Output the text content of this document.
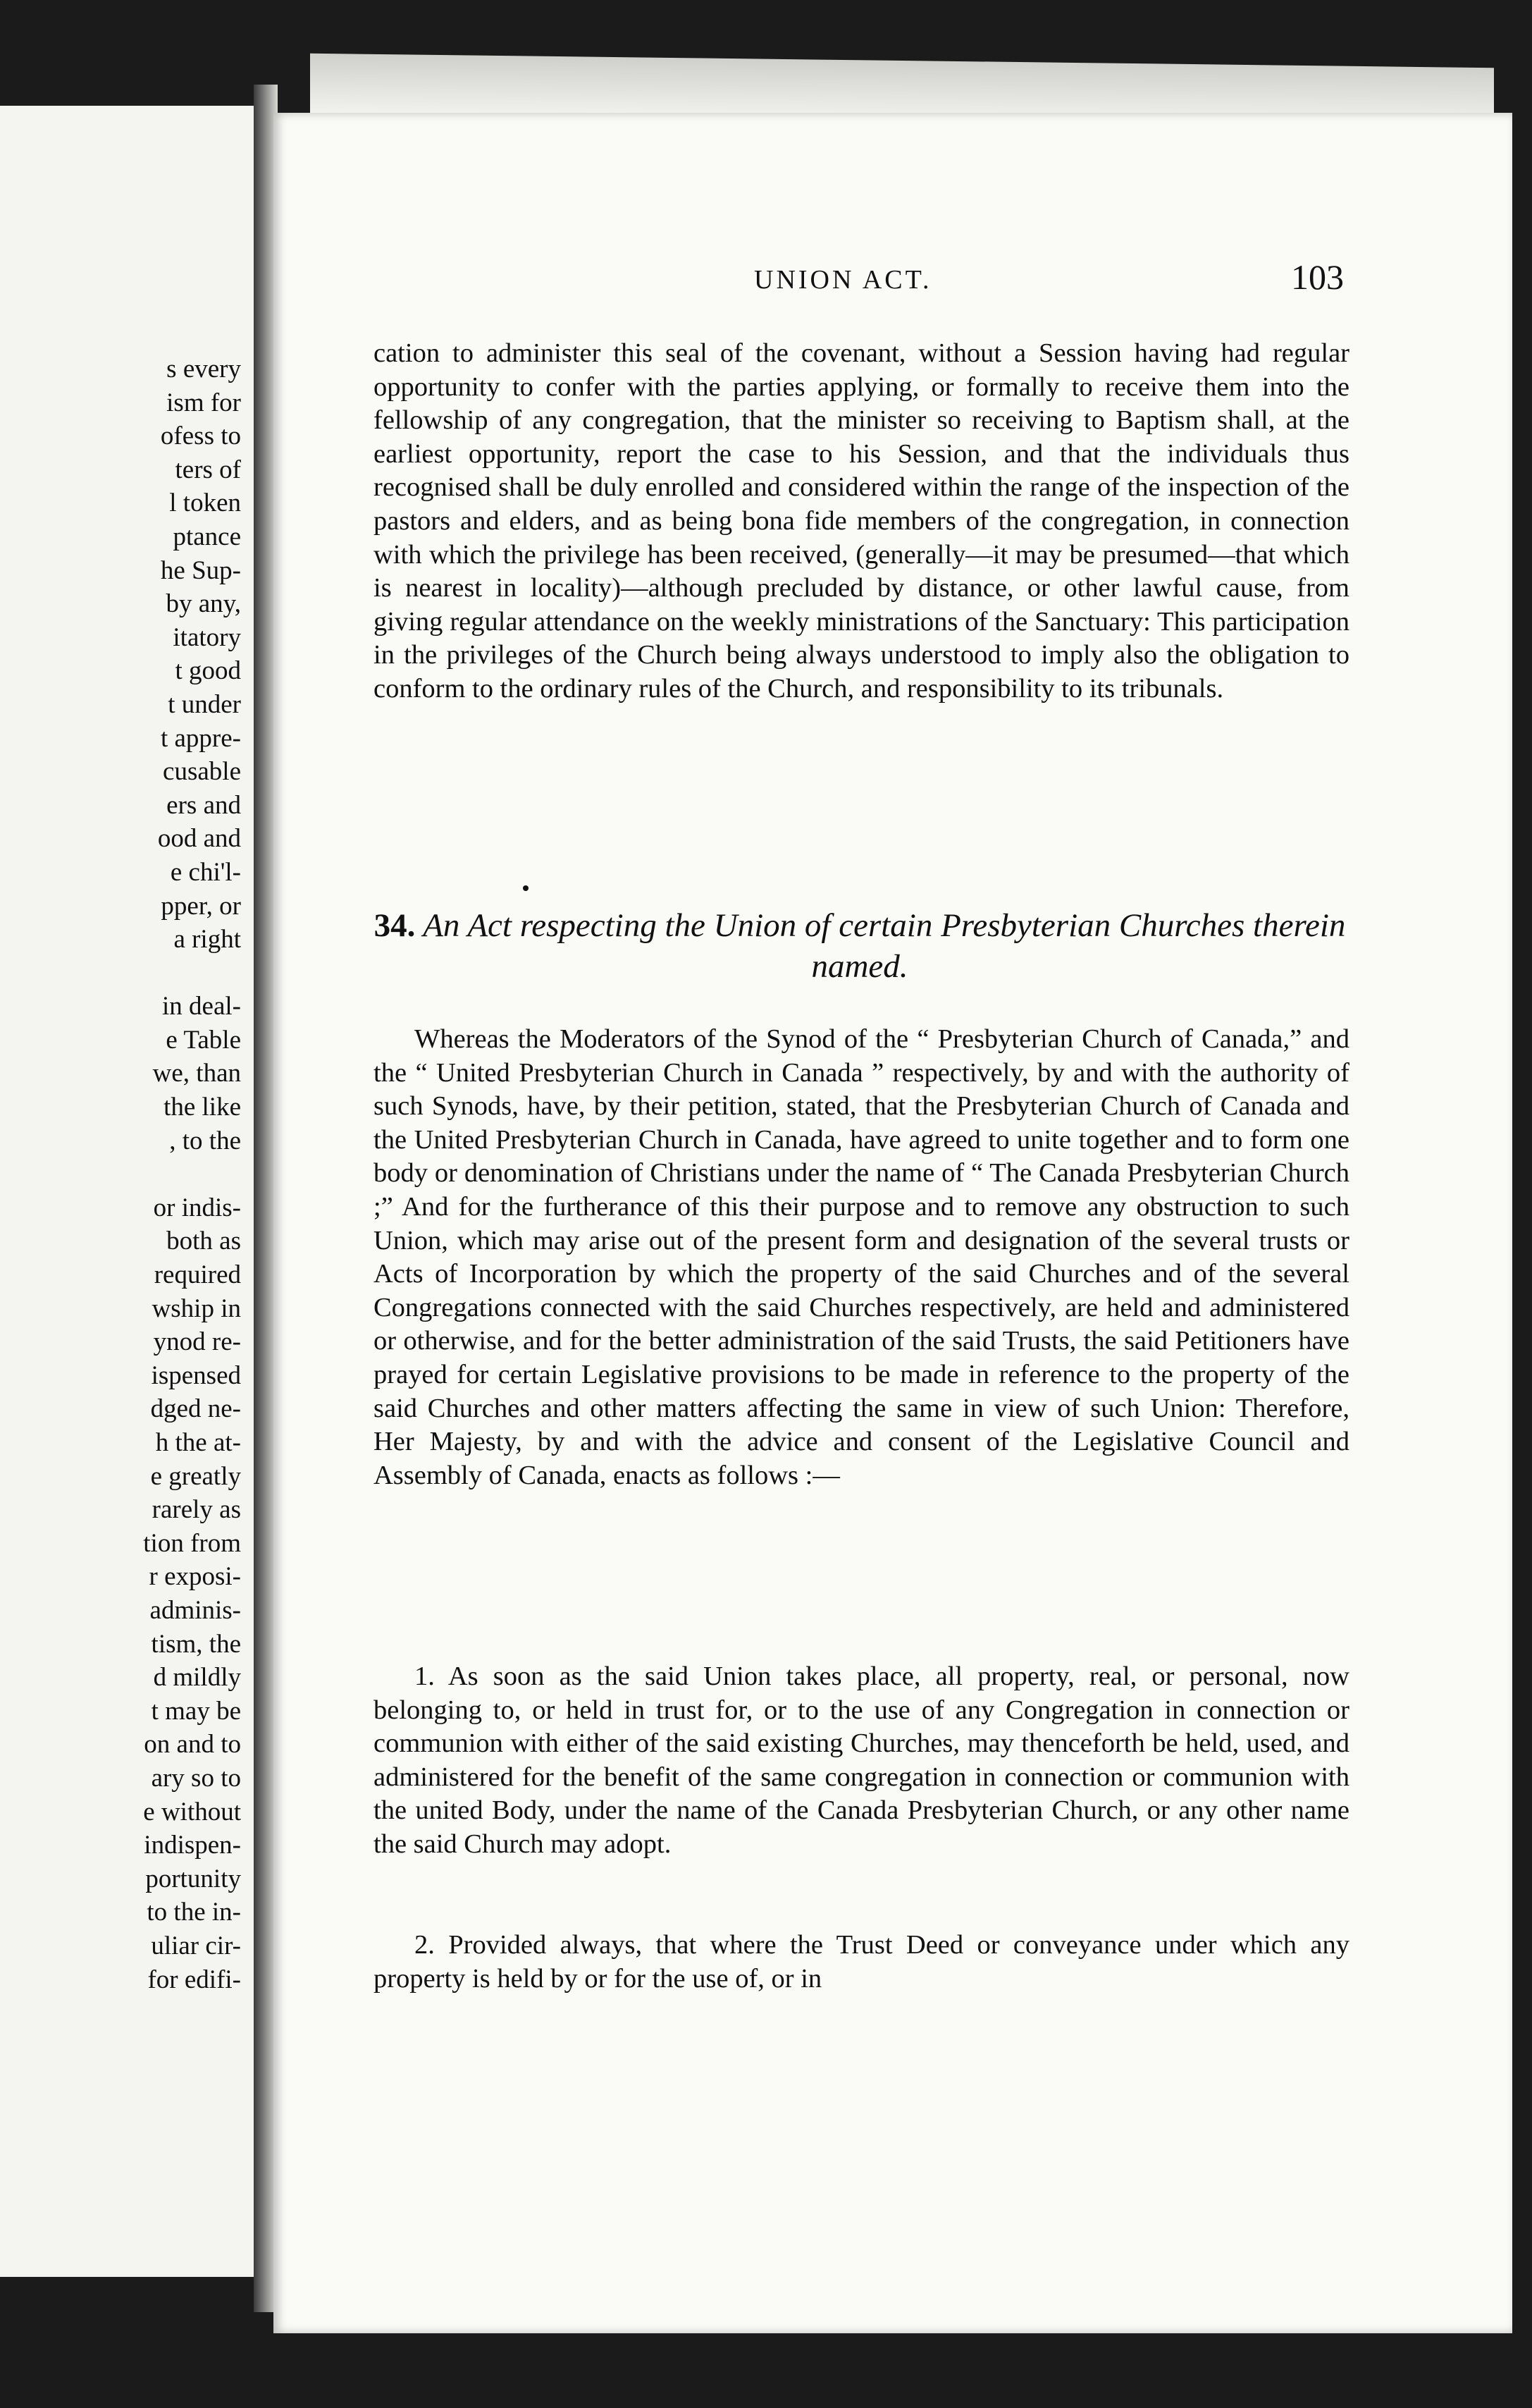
s every
ism for
ofess to
ters of
l token
ptance
he Sup-
by any,
itatory
t good
t under
t appre-
cusable
ers and
ood and
e chi'l-
pper, or
a right
in deal-
e Table
we, than
the like
, to the
or indis-
both as
required
wship in
ynod re-
ispensed
dged ne-
h the at-
e greatly
rarely as
tion from
r exposi-
adminis-
tism, the
d mildly
t may be
on and to
ary so to
e without
indispen-
portunity
to the in-
uliar cir-
for edifi-
UNION ACT.	103

cation to administer this seal of the covenant, without a Session having had regular opportunity to confer with the parties applying, or formally to receive them into the fellowship of any congregation, that the minister so receiving to Baptism shall, at the earliest opportunity, report the case to his Session, and that the individuals thus recognised shall be duly enrolled and considered within the range of the inspection of the pastors and elders, and as being bona fide members of the congregation, in connection with which the privilege has been received, (generally—it may be presumed—that which is nearest in locality)—although precluded by distance, or other lawful cause, from giving regular attendance on the weekly ministrations of the Sanctuary: This participation in the privileges of the Church being always understood to imply also the obligation to conform to the ordinary rules of the Church, and responsibility to its tribunals.

34. An Act respecting the Union of certain Presbyterian Churches therein named.

Whereas the Moderators of the Synod of the “ Presbyterian Church of Canada,” and the “ United Presbyterian Church in Canada ” respectively, by and with the authority of such Synods, have, by their petition, stated, that the Presbyterian Church of Canada and the United Presbyterian Church in Canada, have agreed to unite together and to form one body or denomination of Christians under the name of “ The Canada Presbyterian Church ;” And for the furtherance of this their purpose and to remove any obstruction to such Union, which may arise out of the present form and designation of the several trusts or Acts of Incorporation by which the property of the said Churches and of the several Congregations connected with the said Churches respectively, are held and administered or otherwise, and for the better administration of the said Trusts, the said Petitioners have prayed for certain Legislative provisions to be made in reference to the property of the said Churches and other matters affecting the same in view of such Union: Therefore, Her Majesty, by and with the advice and consent of the Legislative Council and Assembly of Canada, enacts as follows :—

1. As soon as the said Union takes place, all property, real, or personal, now belonging to, or held in trust for, or to the use of any Congregation in connection or communion with either of the said existing Churches, may thenceforth be held, used, and administered for the benefit of the same congregation in connection or communion with the united Body, under the name of the Canada Presbyterian Church, or any other name the said Church may adopt.

2. Provided always, that where the Trust Deed or conveyance under which any property is held by or for the use of, or in
